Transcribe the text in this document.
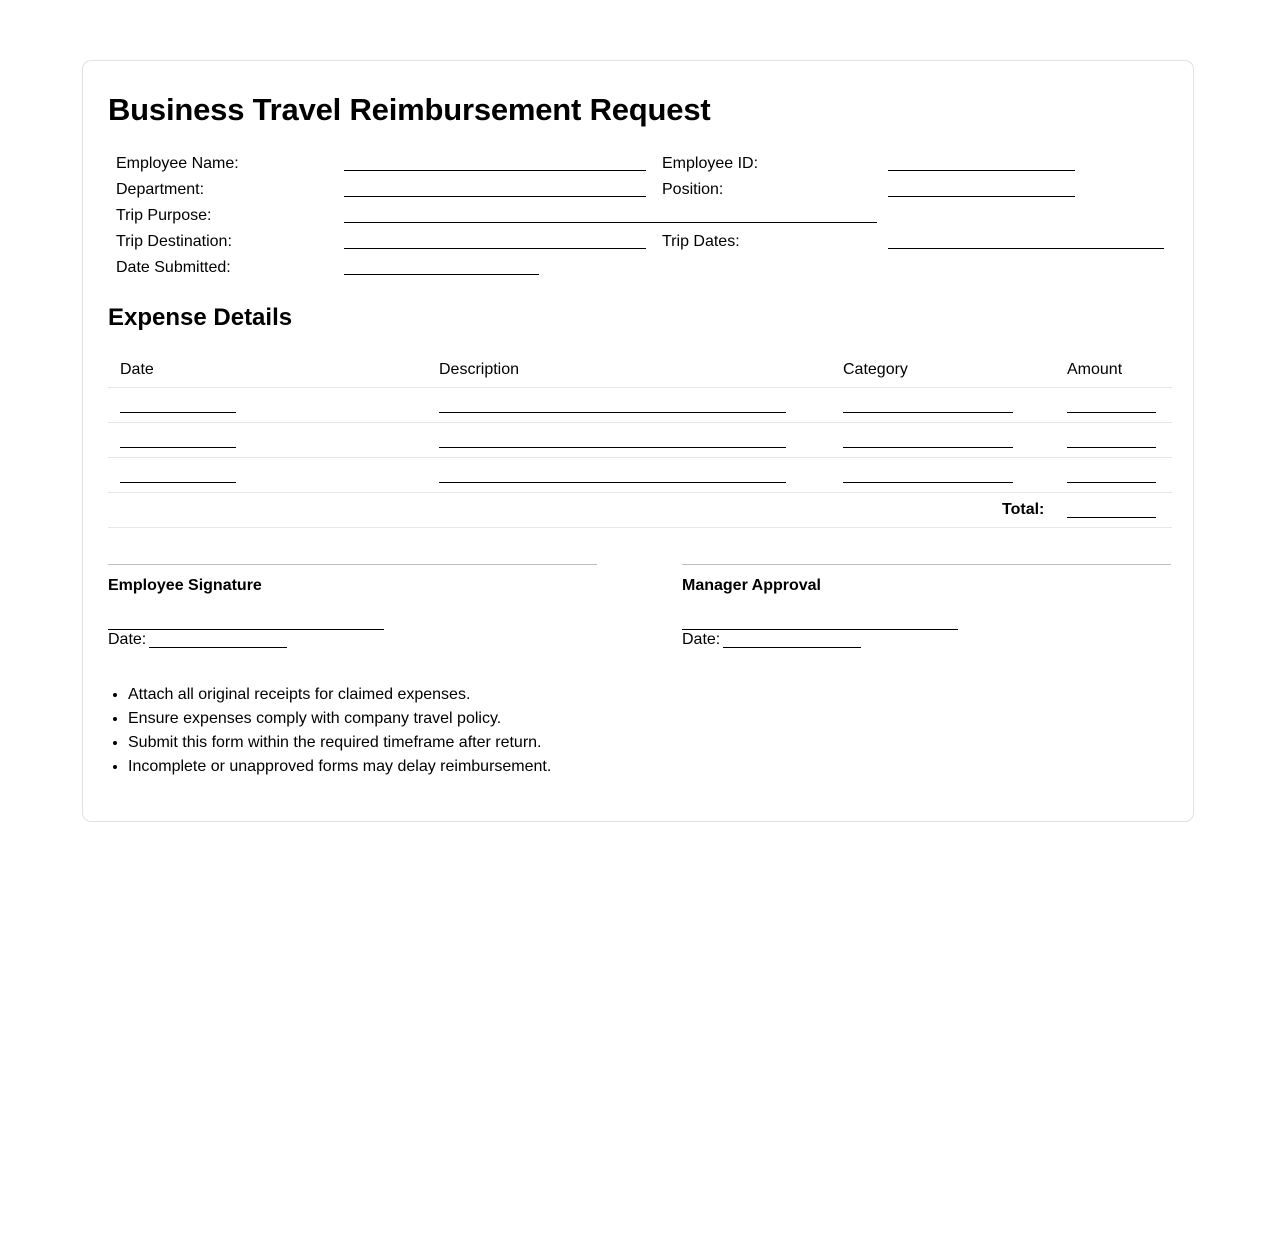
Business Travel Reimbursement Request
Employee Name:	Employee ID:
Department:	Position:
Trip Purpose:
Trip Destination:	Trip Dates:
Date Submitted:
Expense Details
Date	Description	Category	Amount
Total:
Employee Signature
Date:
Manager Approval
Date:
• Attach all original receipts for claimed expenses.
• Ensure expenses comply with company travel policy.
• Submit this form within the required timeframe after return.
• Incomplete or unapproved forms may delay reimbursement.
